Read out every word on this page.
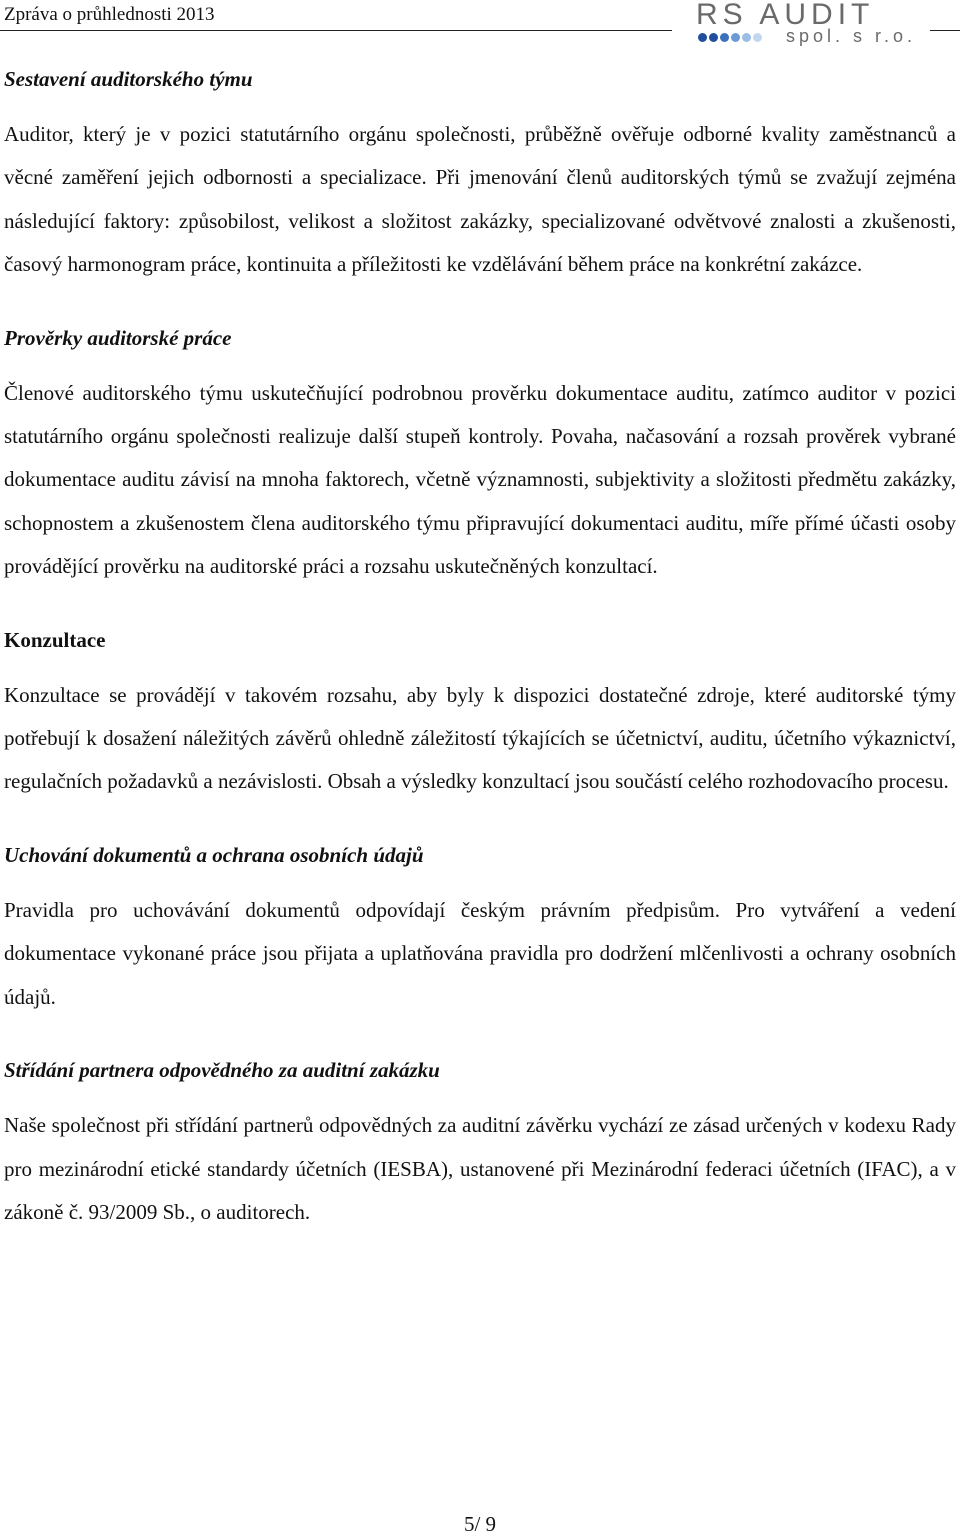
Zpráva o průhlednosti 2013	RS AUDIT
spol. s r.o.
Sestavení auditorského týmu

Auditor, který je v pozici statutárního orgánu společnosti, průběžně ověřuje odborné kvality zaměstnanců a věcné zaměření jejich odbornosti a specializace. Při jmenování členů auditorských týmů se zvažují zejména následující faktory: způsobilost, velikost a složitost zakázky, specializované odvětvové znalosti a zkušenosti, časový harmonogram práce, kontinuita a příležitosti ke vzdělávání během práce na konkrétní zakázce.

Prověrky auditorské práce

Členové auditorského týmu uskutečňující podrobnou prověrku dokumentace auditu, zatímco auditor v pozici statutárního orgánu společnosti realizuje další stupeň kontroly. Povaha, načasování a rozsah prověrek vybrané dokumentace auditu závisí na mnoha faktorech, včetně významnosti, subjektivity a složitosti předmětu zakázky, schopnostem a zkušenostem člena auditorského týmu připravující dokumentaci auditu, míře přímé účasti osoby provádějící prověrku na auditorské práci a rozsahu uskutečněných konzultací.

Konzultace

Konzultace se provádějí v takovém rozsahu, aby byly k dispozici dostatečné zdroje, které auditorské týmy potřebují k dosažení náležitých závěrů ohledně záležitostí týkajících se účetnictví, auditu, účetního výkaznictví, regulačních požadavků a nezávislosti. Obsah a výsledky konzultací jsou součástí celého rozhodovacího procesu.

Uchování dokumentů a ochrana osobních údajů

Pravidla pro uchovávání dokumentů odpovídají českým právním předpisům. Pro vytváření a vedení dokumentace vykonané práce jsou přijata a uplatňována pravidla pro dodržení mlčenlivosti a ochrany osobních údajů.

Střídání partnera odpovědného za auditní zakázku

Naše společnost při střídání partnerů odpovědných za auditní závěrku vychází ze zásad určených v kodexu Rady pro mezinárodní etické standardy účetních (IESBA), ustanovené při Mezinárodní federaci účetních (IFAC), a v zákoně č. 93/2009 Sb., o auditorech.

5/ 9
